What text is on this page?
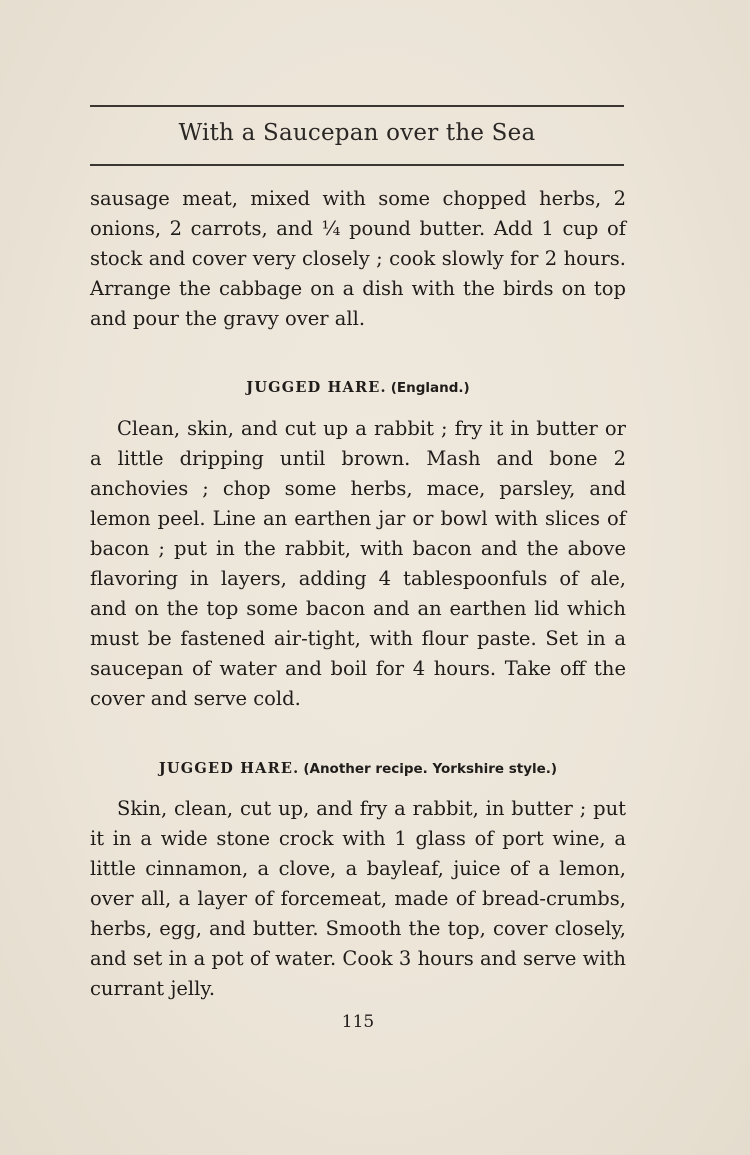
With a Saucepan over the Sea

sausage meat, mixed with some chopped herbs, 2 onions, 2 carrots, and ¼ pound butter. Add 1 cup of stock and cover very closely ; cook slowly for 2 hours. Arrange the cabbage on a dish with the birds on top and pour the gravy over all.

JUGGED HARE. (England.)

Clean, skin, and cut up a rabbit ; fry it in butter or a little dripping until brown. Mash and bone 2 anchovies ; chop some herbs, mace, parsley, and lemon peel. Line an earthen jar or bowl with slices of bacon ; put in the rabbit, with bacon and the above flavoring in layers, adding 4 tablespoonfuls of ale, and on the top some bacon and an earthen lid which must be fastened air-tight, with flour paste. Set in a saucepan of water and boil for 4 hours. Take off the cover and serve cold.

JUGGED HARE. (Another recipe. Yorkshire style.)

Skin, clean, cut up, and fry a rabbit, in butter ; put it in a wide stone crock with 1 glass of port wine, a little cinnamon, a clove, a bayleaf, juice of a lemon, over all, a layer of forcemeat, made of bread-crumbs, herbs, egg, and butter. Smooth the top, cover closely, and set in a pot of water. Cook 3 hours and serve with currant jelly.

115
